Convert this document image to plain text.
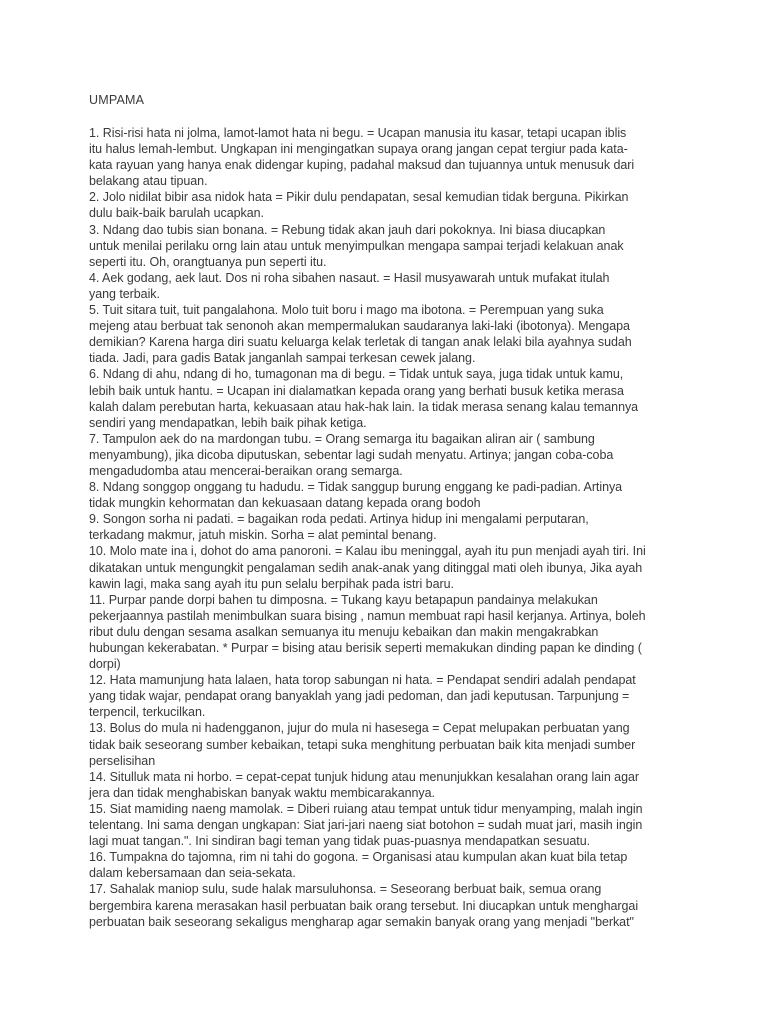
UMPAMA
1. Risi-risi hata ni jolma, lamot-lamot hata ni begu. = Ucapan manusia itu kasar, tetapi ucapan iblis
itu halus lemah-lembut. Ungkapan ini mengingatkan supaya orang jangan cepat tergiur pada kata-
kata rayuan yang hanya enak didengar kuping, padahal maksud dan tujuannya untuk menusuk dari
belakang atau tipuan.
2. Jolo nidilat bibir asa nidok hata = Pikir dulu pendapatan, sesal kemudian tidak berguna. Pikirkan
dulu baik-baik barulah ucapkan.
3. Ndang dao tubis sian bonana. = Rebung tidak akan jauh dari pokoknya. Ini biasa diucapkan
untuk menilai perilaku orng lain atau untuk menyimpulkan mengapa sampai terjadi kelakuan anak
seperti itu. Oh, orangtuanya pun seperti itu.
4. Aek godang, aek laut. Dos ni roha sibahen nasaut. = Hasil musyawarah untuk mufakat itulah
yang terbaik.
5. Tuit sitara tuit, tuit pangalahona. Molo tuit boru i mago ma ibotona. = Perempuan yang suka
mejeng atau berbuat tak senonoh akan mempermalukan saudaranya laki-laki (ibotonya). Mengapa
demikian? Karena harga diri suatu keluarga kelak terletak di tangan anak lelaki bila ayahnya sudah
tiada. Jadi, para gadis Batak janganlah sampai terkesan cewek jalang.
6. Ndang di ahu, ndang di ho, tumagonan ma di begu. = Tidak untuk saya, juga tidak untuk kamu,
lebih baik untuk hantu. = Ucapan ini dialamatkan kepada orang yang berhati busuk ketika merasa
kalah dalam perebutan harta, kekuasaan atau hak-hak lain. Ia tidak merasa senang kalau temannya
sendiri yang mendapatkan, lebih baik pihak ketiga.
7. Tampulon aek do na mardongan tubu. = Orang semarga itu bagaikan aliran air ( sambung
menyambung), jika dicoba diputuskan, sebentar lagi sudah menyatu. Artinya; jangan coba-coba
mengadudomba atau mencerai-beraikan orang semarga.
8. Ndang songgop onggang tu hadudu. = Tidak sanggup burung enggang ke padi-padian. Artinya
tidak mungkin kehormatan dan kekuasaan datang kepada orang bodoh
9. Songon sorha ni padati. = bagaikan roda pedati. Artinya hidup ini mengalami perputaran,
terkadang makmur, jatuh miskin. Sorha = alat pemintal benang.
10. Molo mate ina i, dohot do ama panoroni. = Kalau ibu meninggal, ayah itu pun menjadi ayah tiri. Ini
dikatakan untuk mengungkit pengalaman sedih anak-anak yang ditinggal mati oleh ibunya, Jika ayah
kawin lagi, maka sang ayah itu pun selalu berpihak pada istri baru.
11. Purpar pande dorpi bahen tu dimposna. = Tukang kayu betapapun pandainya melakukan
pekerjaannya pastilah menimbulkan suara bising , namun membuat rapi hasil kerjanya. Artinya, boleh
ribut dulu dengan sesama asalkan semuanya itu menuju kebaikan dan makin mengakrabkan
hubungan kekerabatan. * Purpar = bising atau berisik seperti memakukan dinding papan ke dinding (
dorpi)
12. Hata mamunjung hata lalaen, hata torop sabungan ni hata. = Pendapat sendiri adalah pendapat
yang tidak wajar, pendapat orang banyaklah yang jadi pedoman, dan jadi keputusan. Tarpunjung =
terpencil, terkucilkan.
13. Bolus do mula ni hadengganon, jujur do mula ni hasesega = Cepat melupakan perbuatan yang
tidak baik seseorang sumber kebaikan, tetapi suka menghitung perbuatan baik kita menjadi sumber
perselisihan
14. Situlluk mata ni horbo. = cepat-cepat tunjuk hidung atau menunjukkan kesalahan orang lain agar
jera dan tidak menghabiskan banyak waktu membicarakannya.
15. Siat mamiding naeng mamolak. = Diberi ruiang atau tempat untuk tidur menyamping, malah ingin
telentang. Ini sama dengan ungkapan: Siat jari-jari naeng siat botohon = sudah muat jari, masih ingin
lagi muat tangan.". Ini sindiran bagi teman yang tidak puas-puasnya mendapatkan sesuatu.
16. Tumpakna do tajomna, rim ni tahi do gogona. = Organisasi atau kumpulan akan kuat bila tetap
dalam kebersamaan dan seia-sekata.
17. Sahalak maniop sulu, sude halak marsuluhonsa. = Seseorang berbuat baik, semua orang
bergembira karena merasakan hasil perbuatan baik orang tersebut. Ini diucapkan untuk menghargai
perbuatan baik seseorang sekaligus mengharap agar semakin banyak orang yang menjadi "berkat"
